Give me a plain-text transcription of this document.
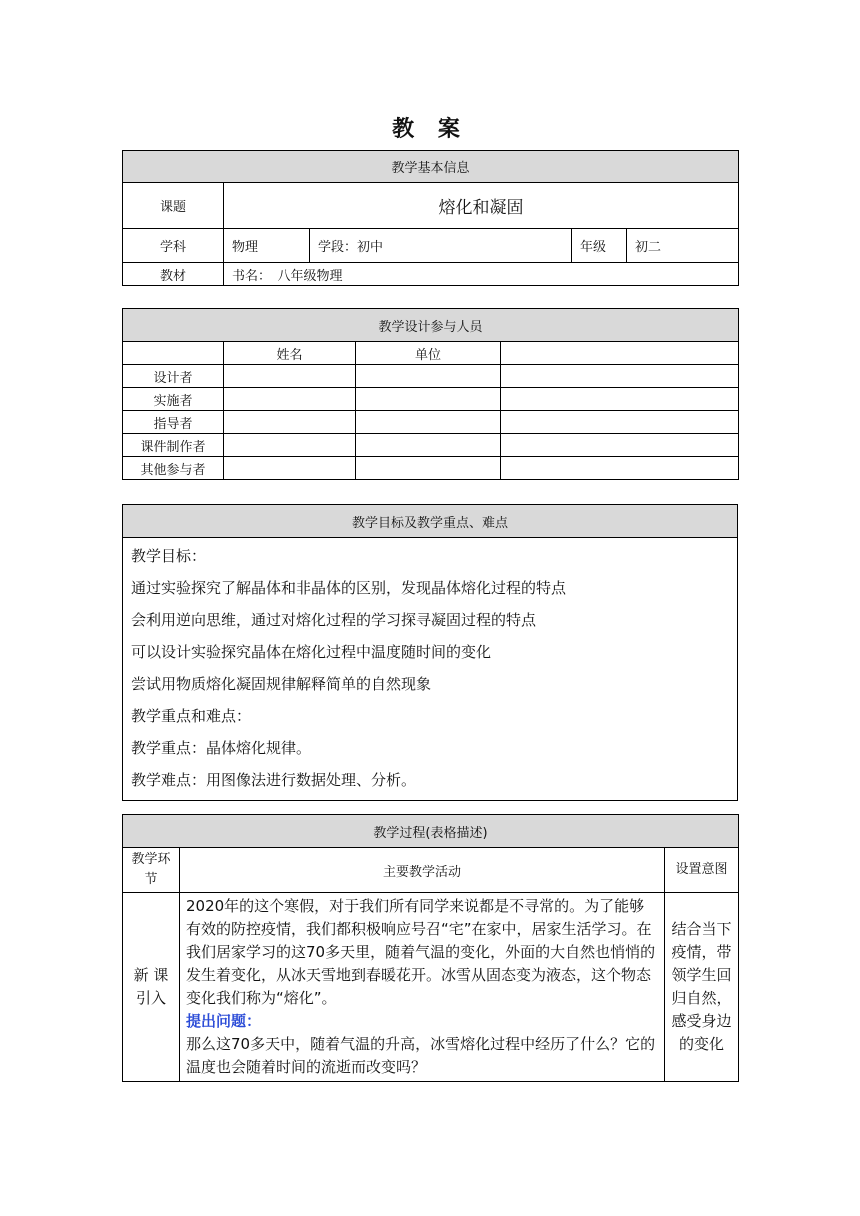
教 案
教学基本信息				
课题	熔化和凝固			
学科	物理	学段：初中	年级	初二
教材	书名：　八年级物理			
教学设计参与人员			
	姓名	单位	
设计者			
实施者			
指导者			
课件制作者			
其他参与者			
教学目标及教学重点、难点

教学目标：
通过实验探究了解晶体和非晶体的区别，发现晶体熔化过程的特点
会利用逆向思维，通过对熔化过程的学习探寻凝固过程的特点
可以设计实验探究晶体在熔化过程中温度随时间的变化
尝试用物质熔化凝固规律解释简单的自然现象
教学重点和难点：
教学重点：晶体熔化规律。
教学难点：用图像法进行数据处理、分析。
教学过程(表格描述)		
教学环节	主要教学活动	设置意图
新 课引入	2020年的这个寒假，对于我们所有同学来说都是不寻常的。为了能够有效的防控疫情，我们都积极响应号召“宅”在家中，居家生活学习。在我们居家学习的这70多天里，随着气温的变化，外面的大自然也悄悄的发生着变化，从冰天雪地到春暖花开。冰雪从固态变为液态，这个物态变化我们称为“熔化”。
提出问题：
那么这70多天中，随着气温的升高，冰雪熔化过程中经历了什么？它的温度也会随着时间的流逝而改变吗？	结合当下疫情，带领学生回归自然，感受身边的变化
